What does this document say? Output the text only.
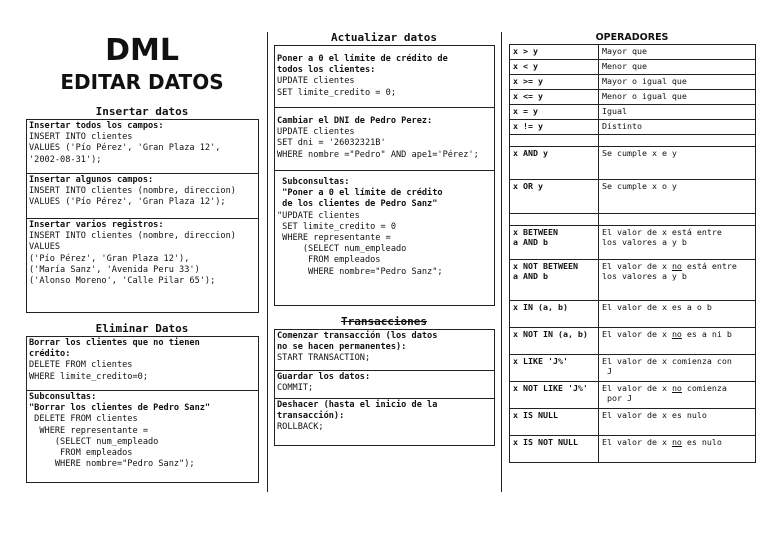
DML
EDITAR DATOS
Insertar datos
Insertar todos los campos:
INSERT INTO clientes
VALUES ('Pío Pérez', 'Gran Plaza 12',
'2002-08-31');
Insertar algunos campos:
INSERT INTO clientes (nombre, direccion)
VALUES ('Pío Pérez', 'Gran Plaza 12');
Insertar varios registros:
INSERT INTO clientes (nombre, direccion)
VALUES
('Pío Pérez', 'Gran Plaza 12'),
('María Sanz', 'Avenida Peru 33')
('Alonso Moreno', 'Calle Pilar 65');
Eliminar Datos
Borrar los clientes que no tienen
crédito:
DELETE FROM clientes
WHERE limite_credito=0;
Subconsultas:
"Borrar los clientes de Pedro Sanz"
DELETE FROM clientes
WHERE representante =
(SELECT num_empleado
FROM empleados
WHERE nombre="Pedro Sanz");
Actualizar datos
Poner a 0 el límite de crédito de
todos los clientes:
UPDATE clientes
SET limite_credito = 0;
Cambiar el DNI de Pedro Perez:
UPDATE clientes
SET dni = '26032321B'
WHERE nombre ="Pedro" AND ape1='Pérez';
Subconsultas:
"Poner a 0 el límite de crédito
de los clientes de Pedro Sanz"
"UPDATE clientes
SET limite_credito = 0
WHERE representante =
(SELECT num_empleado
FROM empleados
WHERE nombre="Pedro Sanz";
Transacciones
Comenzar transacción (los datos
no se hacen permanentes):
START TRANSACTION;
Guardar los datos:
COMMIT;
Deshacer (hasta el inicio de la
transacción):
ROLLBACK;
OPERADORES
x > y	Mayor que
x < y	Menor que
x >= y	Mayor o igual que
x <= y	Menor o igual que
x = y	Igual
x != y	Distinto

x AND y	Se cumple x e y
x OR y	Se cumple x o y

x BETWEEN
a AND b	El valor de x está entre
los valores a y b
x NOT BETWEEN
a AND b	El valor de x no está entre
los valores a y b
x IN (a, b)	El valor de x es a o b
x NOT IN (a, b)	El valor de x no es a ni b
x LIKE 'J%'	El valor de x comienza con
J
x NOT LIKE 'J%'	El valor de x no comienza
por J
x IS NULL	El valor de x es nulo
x IS NOT NULL	El valor de x no es nulo
